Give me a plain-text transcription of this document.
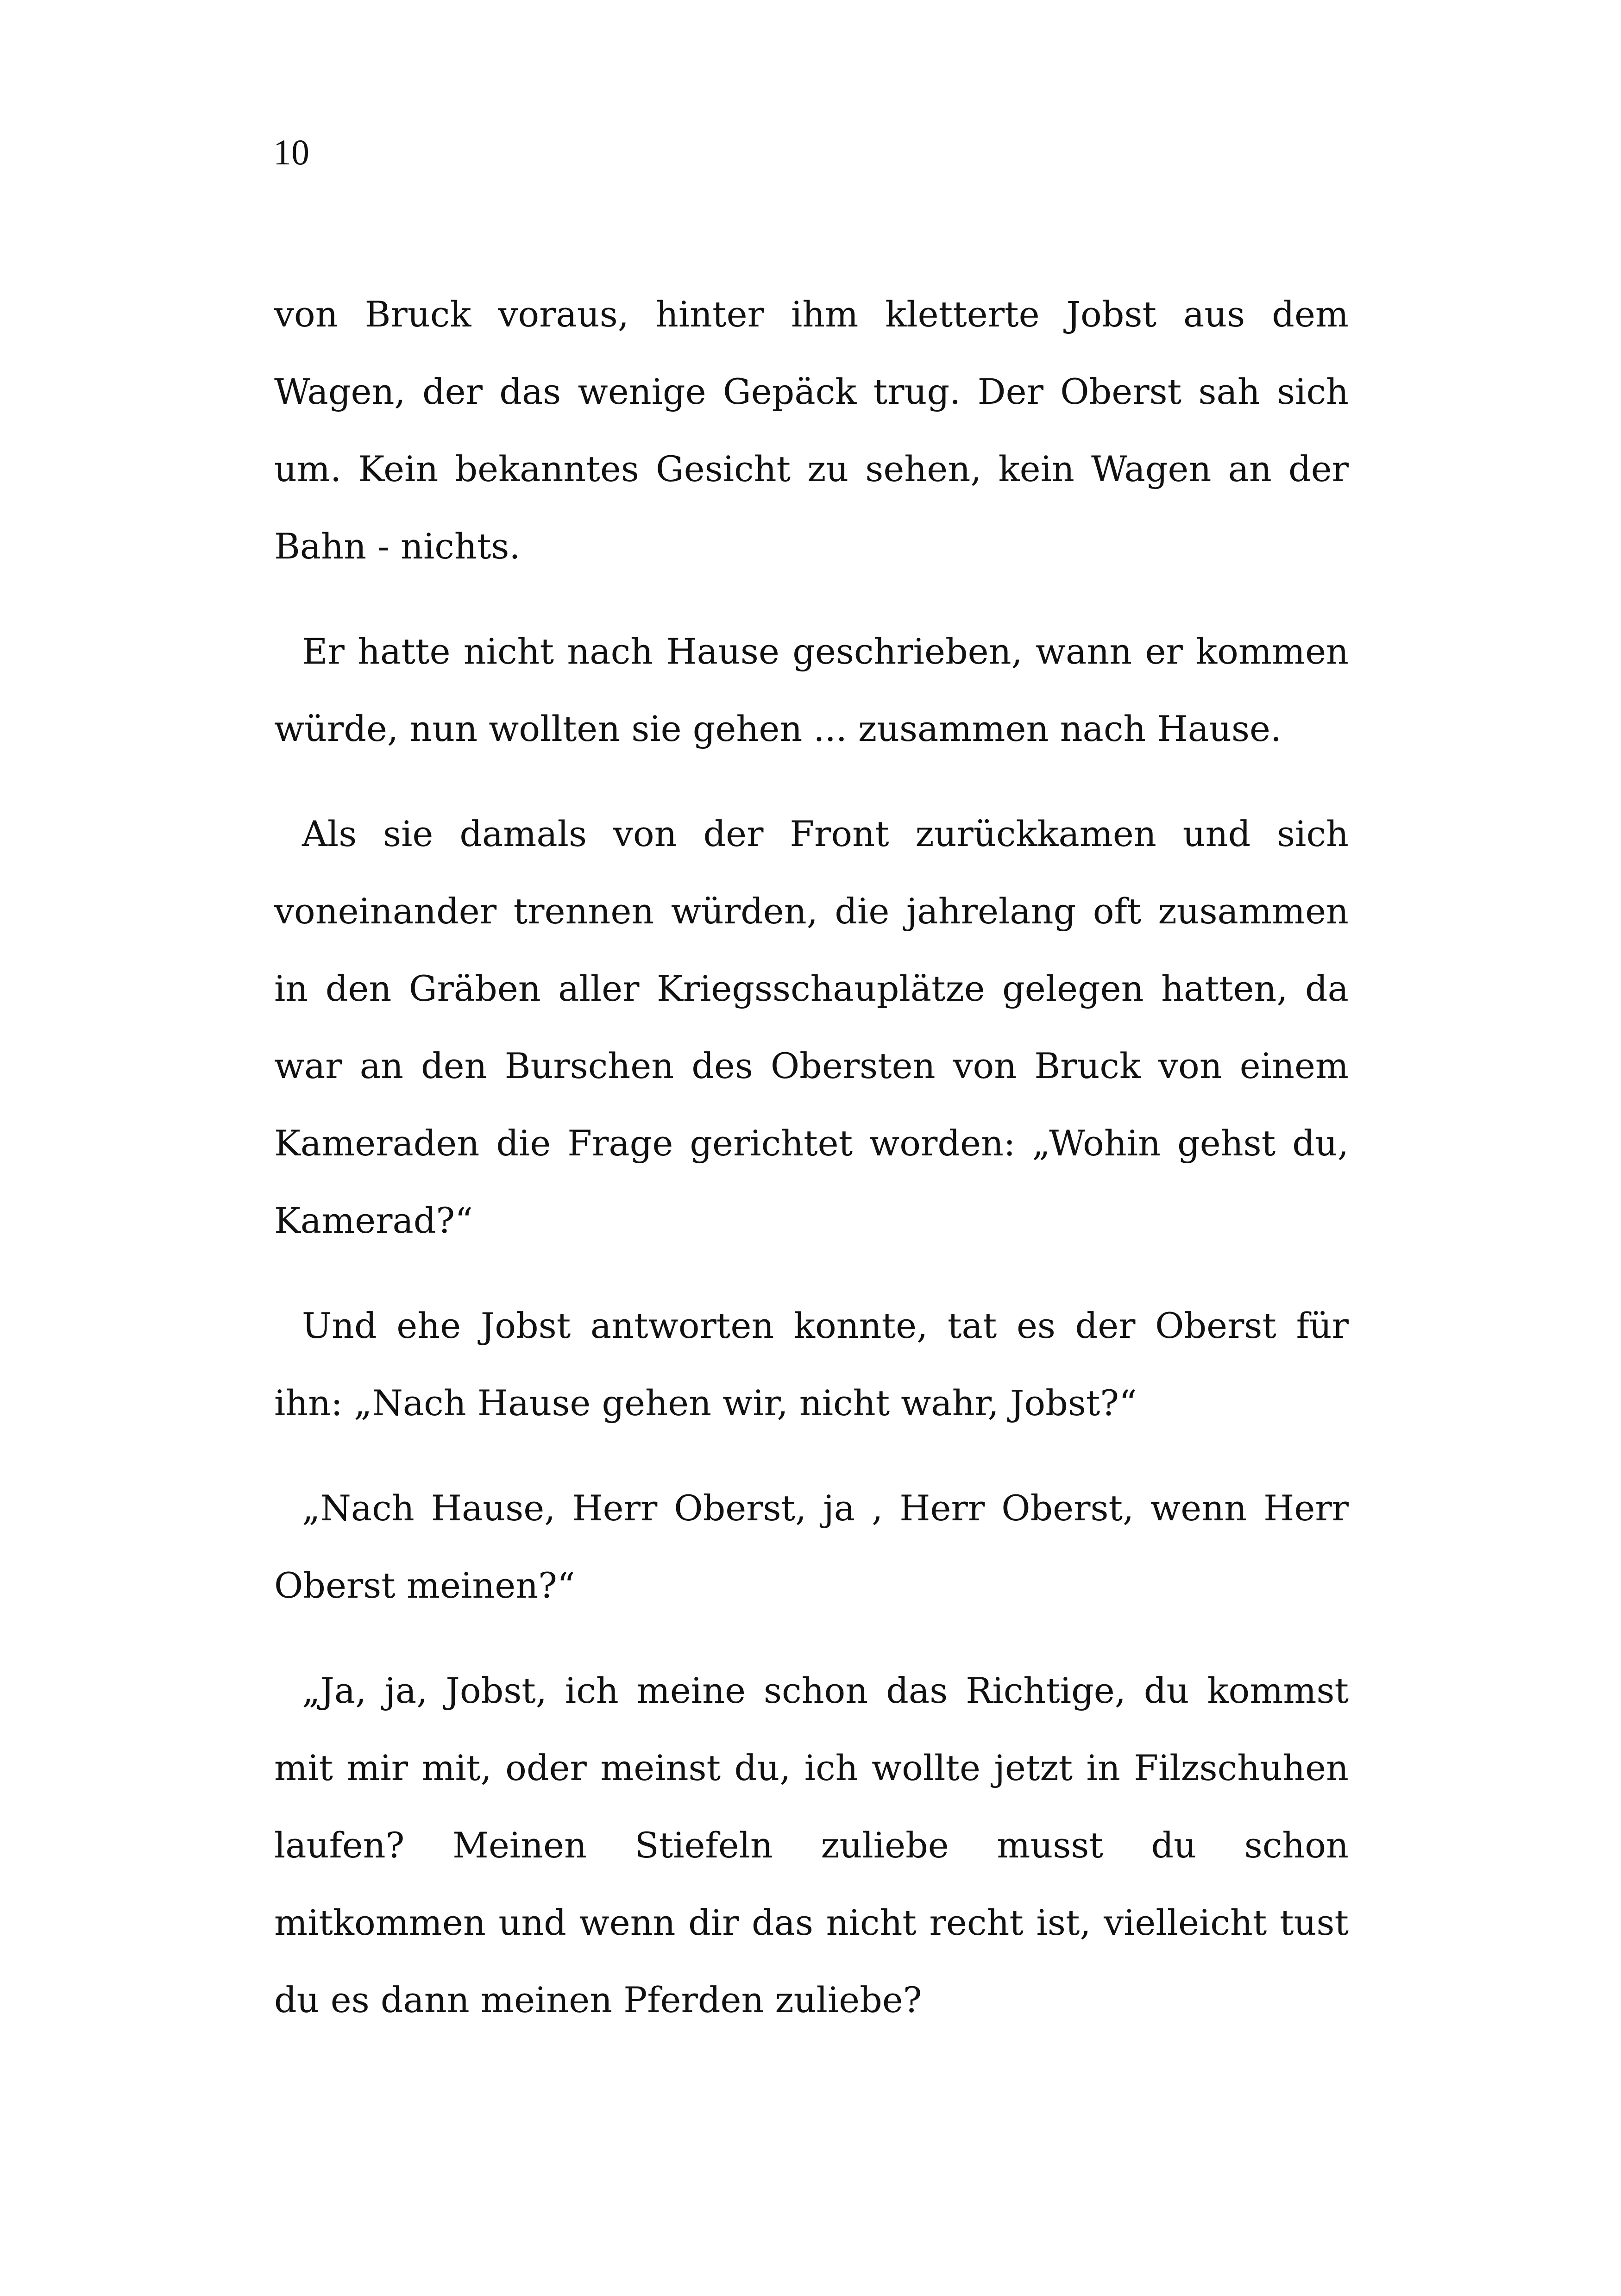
10

von Bruck voraus, hinter ihm kletterte Jobst aus dem Wagen, der das wenige Gepäck trug. Der Oberst sah sich um. Kein bekanntes Gesicht zu sehen, kein Wagen an der Bahn - nichts.

Er hatte nicht nach Hause geschrieben, wann er kommen würde, nun wollten sie gehen ... zusammen nach Hause.

Als sie damals von der Front zurückkamen und sich voneinander trennen würden, die jahrelang oft zusammen in den Gräben aller Kriegsschauplätze gelegen hatten, da war an den Burschen des Obersten von Bruck von einem Kameraden die Frage gerichtet worden: „Wohin gehst du, Kamerad?“

Und ehe Jobst antworten konnte, tat es der Oberst für ihn: „Nach Hause gehen wir, nicht wahr, Jobst?“

„Nach Hause, Herr Oberst, ja , Herr Oberst, wenn Herr Oberst meinen?“

„Ja, ja, Jobst, ich meine schon das Richtige, du kommst mit mir mit, oder meinst du, ich wollte jetzt in Filzschuhen laufen? Meinen Stiefeln zuliebe musst du schon mitkommen und wenn dir das nicht recht ist, vielleicht tust du es dann meinen Pferden zuliebe?
